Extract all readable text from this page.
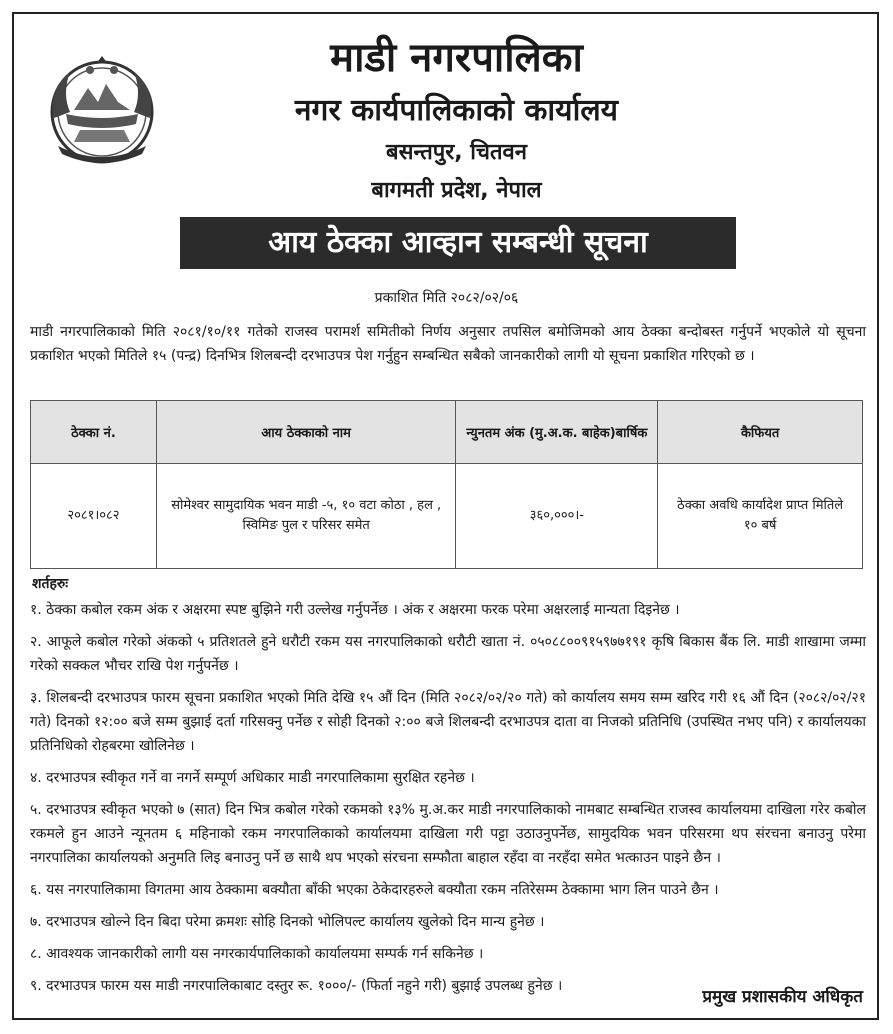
माडी नगरपालिका
नगर कार्यपालिकाको कार्यालय
बसन्तपुर, चितवन
बागमती प्रदेश, नेपाल
आय ठेक्का आव्हान सम्बन्धी सूचना
प्रकाशित मिति २०८२/०२/०६
माडी नगरपालिकाको मिति २०८१/१०/११ गतेको राजस्व परामर्श समितीको निर्णय अनुसार तपसिल बमोजिमको आय ठेक्का बन्दोबस्त गर्नुपर्ने भएकोले यो सूचना प्रकाशित भएको मितिले १५ (पन्द्र) दिनभित्र शिलबन्दी दरभाउपत्र पेश गर्नुहुन सम्बन्धित सबैको जानकारीको लागी यो सूचना प्रकाशित गरिएको छ ।
ठेक्का नं.	आय ठेक्काको नाम	न्युनतम अंक (मु.अ.क. बाहेक)बार्षिक	कैफियत
२०८१।०८२	सोमेश्वर सामुदायिक भवन माडी -५, १० वटा कोठा , हल , स्विमिङ पुल र परिसर समेत	३६०,०००।-	ठेक्का अवधि कार्यादेश प्राप्त मितिले १० बर्ष
शर्तहरुः
१. ठेक्का कबोल रकम अंक र अक्षरमा स्पष्ट बुझिने गरी उल्लेख गर्नुपर्नेछ । अंक र अक्षरमा फरक परेमा अक्षरलाई मान्यता दिइनेछ ।
२. आफूले कबोल गरेको अंकको ५ प्रतिशतले हुने धरौटी रकम यस नगरपालिकाको धरौटी खाता नं. ०५०८८००९१५९७७१९१ कृषि बिकास बैंक लि. माडी शाखामा जम्मा गरेको सक्कल भौचर राखि पेश गर्नुपर्नेछ ।
३. शिलबन्दी दरभाउपत्र फारम सूचना प्रकाशित भएको मिति देखि १५ औं दिन (मिति २०८२/०२/२० गते) को कार्यालय समय सम्म खरिद गरी १६ औं दिन (२०८२/०२/२१ गते) दिनको १२:०० बजे सम्म बुझाई दर्ता गरिसक्नु पर्नेछ र सोही दिनको २:०० बजे शिलबन्दी दरभाउपत्र दाता वा निजको प्रतिनिधि (उपस्थित नभए पनि) र कार्यालयका प्रतिनिधिको रोहबरमा खोलिनेछ ।
४. दरभाउपत्र स्वीकृत गर्ने वा नगर्ने सम्पूर्ण अधिकार माडी नगरपालिकामा सुरक्षित रहनेछ ।
५. दरभाउपत्र स्वीकृत भएको ७ (सात) दिन भित्र कबोल गरेको रकमको १३% मु.अ.कर माडी नगरपालिकाको नामबाट सम्बन्धित राजस्व कार्यालयमा दाखिला गरेर कबोल रकमले हुन आउने न्यूनतम ६ महिनाको रकम नगरपालिकाको कार्यालयमा दाखिला गरी पट्टा उठाउनुपर्नेछ, सामुदयिक भवन परिसरमा थप संरचना बनाउनु परेमा नगरपालिका कार्यालयको अनुमति लिइ बनाउनु पर्ने छ साथै थप भएको संरचना सम्फौता बाहाल रहँदा वा नरहँदा समेत भत्काउन पाइने छैन ।
६. यस नगरपालिकामा विगतमा आय ठेक्कामा बक्यौता बाँकी भएका ठेकेदारहरुले बक्यौता रकम नतिरेसम्म ठेक्कामा भाग लिन पाउने छैन ।
७. दरभाउपत्र खोल्ने दिन बिदा परेमा क्रमशः सोहि दिनको भोलिपल्ट कार्यालय खुलेको दिन मान्य हुनेछ ।
८. आवश्यक जानकारीको लागी यस नगरकार्यपालिकाको कार्यालयमा सम्पर्क गर्न सकिनेछ ।
९. दरभाउपत्र फारम यस माडी नगरपालिकाबाट दस्तुर रू. १०००/- (फिर्ता नहुने गरी) बुझाई उपलब्ध हुनेछ ।
प्रमुख प्रशासकीय अधिकृत
